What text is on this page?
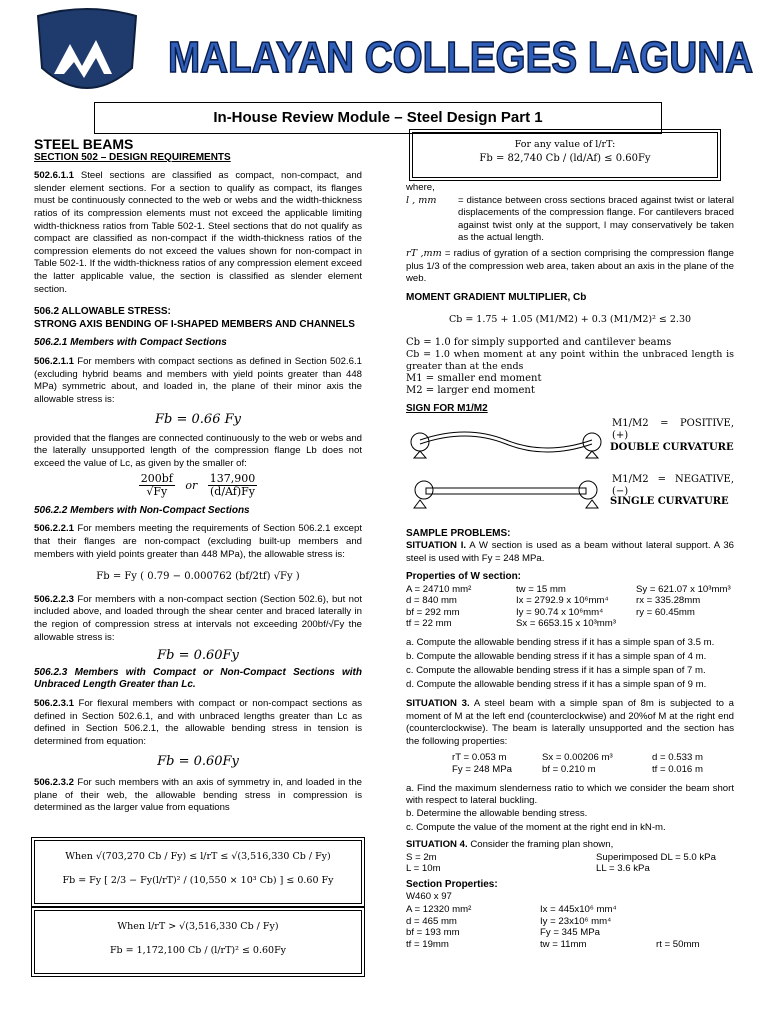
MALAYAN COLLEGES LAGUNA
In-House Review Module – Steel Design Part 1
STEEL BEAMS
SECTION 502 – DESIGN REQUIREMENTS
502.6.1.1 Steel sections are classified as compact, non-compact, and slender element sections. For a section to qualify as compact, its flanges must be continuously connected to the web or webs and the width-thickness ratios of its compression elements must not exceed the applicable limiting width-thickness ratios from Table 502-1. Steel sections that do not qualify as compact are classified as non-compact if the width-thickness ratios of the compression elements do not exceed the values shown for non-compact in Table 502-1. If the width-thickness ratios of any compression element exceed the latter applicable value, the section is classified as slender element section.
506.2 ALLOWABLE STRESS:
STRONG AXIS BENDING OF I-SHAPED MEMBERS AND CHANNELS
506.2.1 Members with Compact Sections
506.2.1.1 For members with compact sections as defined in Section 502.6.1 (excluding hybrid beams and members with yield points greater than 448 MPa) symmetric about, and loaded in, the plane of their minor axis the allowable stress is:
Fb = 0.66 Fy
provided that the flanges are connected continuously to the web or webs and the laterally unsupported length of the compression flange Lb does not exceed the value of Lc, as given by the smaller of:
$\frac{200bf}{√Fy}$ or $\frac{137,900}{(d/Af)Fy}$
506.2.2 Members with Non-Compact Sections
506.2.2.1 For members meeting the requirements of Section 506.2.1 except that their flanges are non-compact (excluding built-up members and members with yield points greater than 448 MPa), the allowable stress is:
Fb = Fy ( 0.79 − 0.000762 (bf/2tf) √Fy )
506.2.2.3 For members with a non-compact section (Section 502.6), but not included above, and loaded through the shear center and braced laterally in the region of compression stress at intervals not exceeding 200bf/√Fy the allowable stress is:
Fb = 0.60Fy
506.2.3 Members with Compact or Non-Compact Sections with Unbraced Length Greater than Lc.
506.2.3.1 For flexural members with compact or non-compact sections as defined in Section 502.6.1, and with unbraced lengths greater than Lc as defined in Section 506.2.1, the allowable bending stress in tension is determined from equation:
Fb = 0.60Fy
506.2.3.2 For such members with an axis of symmetry in, and loaded in the plane of their web, the allowable bending stress in compression is determined as the larger value from equations
When √(703,270 Cb / Fy) ≤ l/rT ≤ √(3,516,330 Cb / Fy)
Fb = Fy [ 2/3 − Fy(l/rT)² / (10,550 × 10³ Cb) ] ≤ 0.60 Fy
When l/rT > √(3,516,330 Cb / Fy)
Fb = 1,172,100 Cb / (l/rT)² ≤ 0.60Fy
For any value of l/rT:
Fb = 82,740 Cb / (ld/Af) ≤ 0.60Fy
where,
l , mm	= distance between cross sections braced against twist or lateral displacements of the compression flange. For cantilevers braced against twist only at the support, l may conservatively be taken as the actual length.
rT ,mm = radius of gyration of a section comprising the compression flange plus 1/3 of the compression web area, taken about an axis in the plane of the web.
MOMENT GRADIENT MULTIPLIER, Cb
Cb = 1.75 + 1.05 (M1/M2) + 0.3 (M1/M2)² ≤ 2.30
Cb = 1.0 for simply supported and cantilever beams
Cb = 1.0 when moment at any point within the unbraced length is greater than at the ends
M1 = smaller end moment
M2 = larger end moment
SIGN FOR M1/M2
M1/M2 = POSITIVE, (+)
DOUBLE CURVATURE
M1/M2 = NEGATIVE, (−)
SINGLE CURVATURE
SAMPLE PROBLEMS:
SITUATION I. A W section is used as a beam without lateral support. A 36 steel is used with Fy = 248 MPa.
Properties of W section:
A = 24710 mm²	tw = 15 mm	Sy = 621.07 x 10³mm³
d = 840 mm	Ix = 2792.9 x 10⁶mm⁴	rx = 335.28mm
bf = 292 mm	Iy = 90.74 x 10⁶mm⁴	ry = 60.45mm
tf = 22 mm	Sx = 6653.15 x 10³mm³
a. Compute the allowable bending stress if it has a simple span of 3.5 m.
b. Compute the allowable bending stress if it has a simple span of 4 m.
c. Compute the allowable bending stress if it has a simple span of 7 m.
d. Compute the allowable bending stress if it has a simple span of 9 m.
SITUATION 3. A steel beam with a simple span of 8m is subjected to a moment of M at the left end (counterclockwise) and 20%of M at the right end (counterclockwise). The beam is laterally unsupported and the section has the following properties:
rT = 0.053 m	Sx = 0.00206 m³	d = 0.533 m
Fy = 248 MPa	bf = 0.210 m	tf = 0.016 m
a. Find the maximum slenderness ratio to which we consider the beam short with respect to lateral buckling.
b. Determine the allowable bending stress.
c. Compute the value of the moment at the right end in kN-m.
SITUATION 4. Consider the framing plan shown,
S = 2m	Superimposed DL = 5.0 kPa
L = 10m	LL = 3.6 kPa
Section Properties:
W460 x 97
A = 12320 mm²	Ix = 445x10⁶ mm⁴
d = 465 mm	Iy = 23x10⁶ mm⁴
bf = 193 mm	Fy = 345 MPa
tf = 19mm	tw = 11mm	rt = 50mm
